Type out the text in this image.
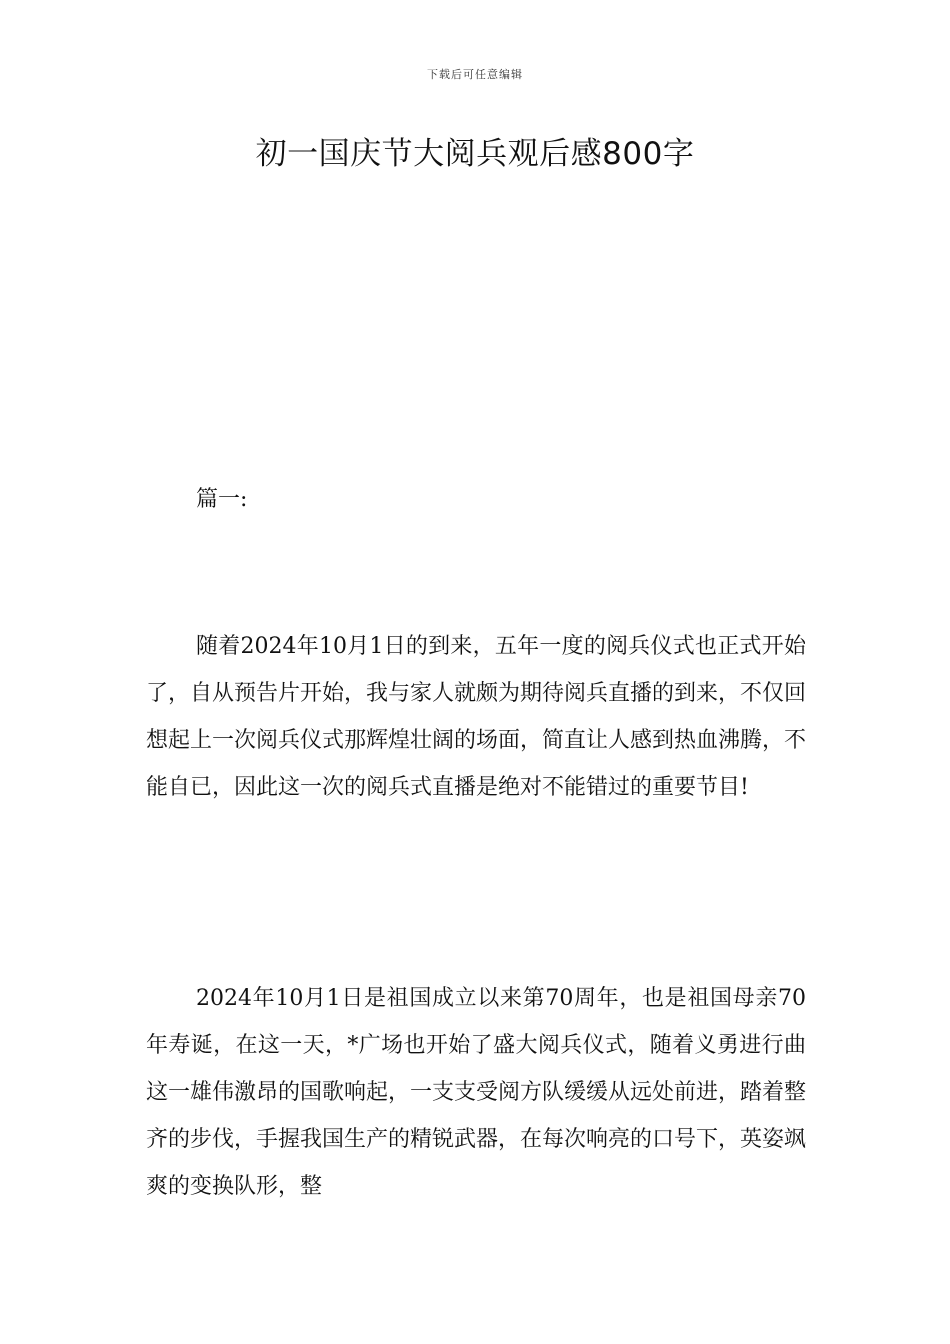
下载后可任意编辑
初一国庆节大阅兵观后感800字

篇一:

随着2024年10月1日的到来，五年一度的阅兵仪式也正式开始了，自从预告片开始，我与家人就颇为期待阅兵直播的到来，不仅回想起上一次阅兵仪式那辉煌壮阔的场面，简直让人感到热血沸腾，不能自已，因此这一次的阅兵式直播是绝对不能错过的重要节目!

2024年10月1日是祖国成立以来第70周年，也是祖国母亲70年寿诞，在这一天，*广场也开始了盛大阅兵仪式，随着义勇进行曲这一雄伟激昂的国歌响起，一支支受阅方队缓缓从远处前进，踏着整齐的步伐，手握我国生产的精锐武器，在每次响亮的口号下，英姿飒爽的变换队形，整
